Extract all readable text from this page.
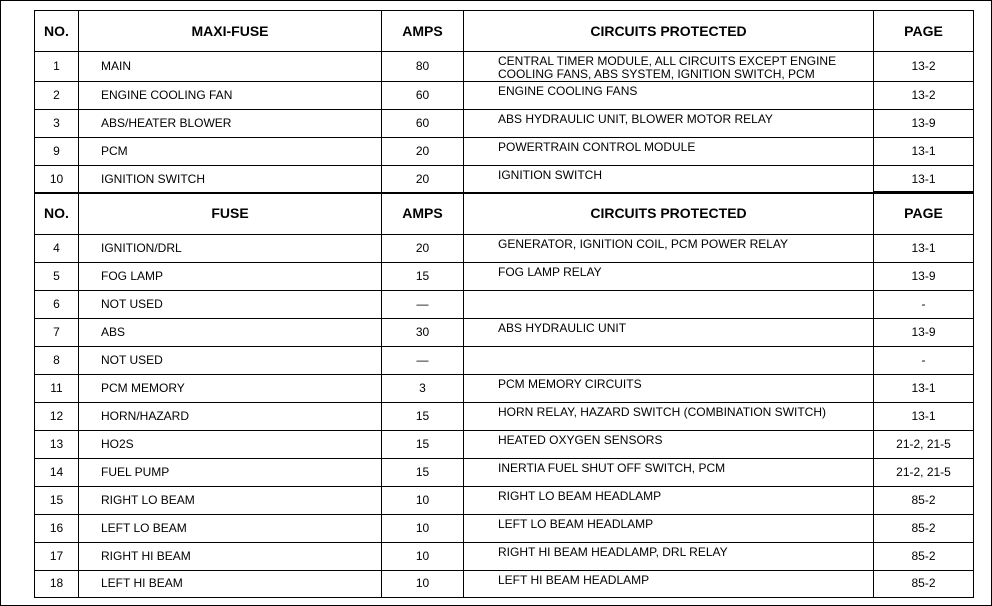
NO.	MAXI-FUSE	AMPS	CIRCUITS PROTECTED	PAGE
1	MAIN	80	CENTRAL TIMER MODULE, ALL CIRCUITS EXCEPT ENGINE COOLING FANS, ABS SYSTEM, IGNITION SWITCH, PCM	13-2
2	ENGINE COOLING FAN	60	ENGINE COOLING FANS	13-2
3	ABS/HEATER BLOWER	60	ABS HYDRAULIC UNIT, BLOWER MOTOR RELAY	13-9
9	PCM	20	POWERTRAIN CONTROL MODULE	13-1
10	IGNITION SWITCH	20	IGNITION SWITCH	13-1
NO.	FUSE	AMPS	CIRCUITS PROTECTED	PAGE
4	IGNITION/DRL	20	GENERATOR, IGNITION COIL, PCM POWER RELAY	13-1
5	FOG LAMP	15	FOG LAMP RELAY	13-9
6	NOT USED	—		-
7	ABS	30	ABS HYDRAULIC UNIT	13-9
8	NOT USED	—		-
11	PCM MEMORY	3	PCM MEMORY CIRCUITS	13-1
12	HORN/HAZARD	15	HORN RELAY, HAZARD SWITCH (COMBINATION SWITCH)	13-1
13	HO2S	15	HEATED OXYGEN SENSORS	21-2, 21-5
14	FUEL PUMP	15	INERTIA FUEL SHUT OFF SWITCH, PCM	21-2, 21-5
15	RIGHT LO BEAM	10	RIGHT LO BEAM HEADLAMP	85-2
16	LEFT LO BEAM	10	LEFT LO BEAM HEADLAMP	85-2
17	RIGHT HI BEAM	10	RIGHT HI BEAM HEADLAMP, DRL RELAY	85-2
18	LEFT HI BEAM	10	LEFT HI BEAM HEADLAMP	85-2
